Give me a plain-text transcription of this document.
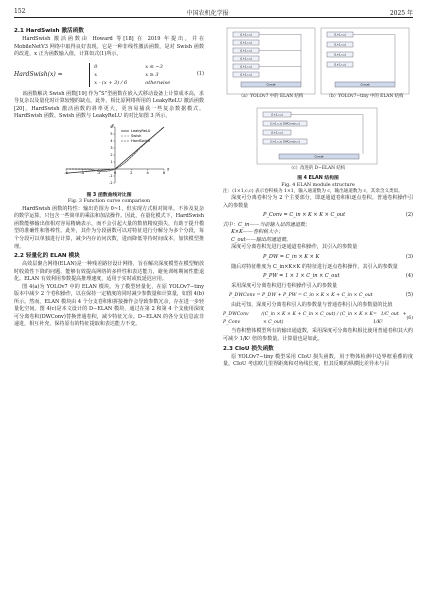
152	中国农机化学报	2025 年
2.1 HardSwish 激活函数
HardSwish 激活函数由 Howard 等[18] 在 2019 年提出，并在 MobileNetV3 网络中取得良好表现。它是一种非线性激活函数，是对 Swish 函数的改进，x 正为函数输入值，计算如式(1)所示。
HardSwish(x) =
0	x ≤ −3
x	x ≥ 3
x · (x + 3) / 6	otherwise
(1)
该函数解决 Swish 函数[19] 作为“S”型函数在嵌入式移动设备上计算成本高，求导复杂以及量化时计算较慢的缺点。此外，相比原网络所用的 LeakyReLU 激活函数[20]，HardSwish 激活函数的斜率更大，更容易捕获一些复杂数据模式。HardSwish 函数、Swish 函数与 LeakyReLU 的对比如图 3 所示。
-6	-4	-2	0	2	4	6
-2
-1
1
2
3
4
5
6
x
y
LeakyReLU
Swish
HardSwish
图 3 函数曲线对比图
Fig. 3 Function curve comparison
HardSwish 函数的特性：输出范围为 0~1，但实现方式相对简单，不涉及复杂的数学运算，只包含一些简单的乘法和加法操作。因此，在量化模式下，HardSwish 函数能够输出值相对容易精确表示，而不会引起大量的数值精度损失，有助于提升模型的准确性和鲁棒性。此外，其作为分段函数可以对特征进行分解分为多个分段，每个分段可以单独进行计算，减少内存访问次数，进而降低等待时间成本，加快模型推理。
2.2 轻量化的 ELAN 模块
高效层聚合网络(ELAN)是一种残差路径设计网络，旨在解决深度模型在模型缩放时收敛性下降的问题，能够有效提高网络的多样性和表达能力，避免训练期间性能退化。ELAN 有效利用参数提高推理速度，适用于实时或低延迟应用。
图 4(a)为 YOLOv7 中的 ELAN 模块。为了模型轻量化，在原 YOLOv7−tiny 版本中减少 2 个卷积操作，以在保持一定精度的同时减少参数量和计算量，如图 4(b)所示。然而，ELAN 模块由 4 个分支卷积和拼接操作会导致参数冗余，存在进一步轻量化空间。图 4(c)是本文设计的 D−ELAN 模块，通过在第 2 和第 4 个支使用深度可分离卷积(DWConv)替换普通卷积，减少特征冗余。D−ELAN 的各分支信息流非递进，相互补充，保持原有的特征提取和表达能力不变。
(1×1,c,c)
(1×1,c,c)
(1×1,c,c)
(1×1,c,c)
(1×1,c,c)
(1×1,c,c)
Concat
(1×1,c,c)
(1×1,c,c)
(1×1,c,c)
(1×1,c,c)
Concat
(1×1,c,c)
(1×1,c,c) DWConv(c,c)
(1×1,c,c)
(1×1,c,c) DWConv(c,c)
Concat
（a）YOLOv7 中的 ELAN 结构	（b）YOLOv7−tiny 中的 ELAN 结构
（c）改进的 D−ELAN 结构
图 4 ELAN 结构图
Fig. 4 ELAN module structure
注：(1×1,c,c) 表示卷积核为 1×1，输入通道数为 c，输出通道数为 c，其余含义类似。
深度可分离卷积分为 2 个主要部分，即逐通道卷积和逐点卷积。普通卷积操作引入的参数量
P_Conv = C_in × K × K × C_out	(2)
式中：C_in——当前输入层的通道数；
K×K——卷积核大小；
C_out——输出的通道数。
深度可分离卷积先进行逐通道卷积操作，其引入的参数量
P_DW = C_in × K × K	(3)
随后对特征维度为 C_in×K×K 的特征进行逐点卷积操作，其引入的参数量
P_PW = 1 × 1 × C_in × C_out	(4)
采用深度可分离卷积进行卷积操作引入的参数量
P_DWConv = P_DW + P_PW = C_in × K × K + C_in × C_out	(5)
由此可知，深度可分离卷积引入的参数量与普通卷积引入的参数量的比值
P_DWConv / P_Conv
(C_in × K × K + C_in × C_out) / (C_in × K × K × C_out)
= 1/C_out + 1/K²
(6)
当卷积整体模型所有的输出通道数，采用深度可分离卷积相比使用普通卷积其大约可减少 1/K² 倍的参数量，计算量也是如此。
2.3 CIoU 损失函数
原 YOLOv7−tiny 模型采用 CIoU 损失函数，用于物体检测中边界框重叠的度量。CIoU 考虑欧几里得距离和对角线长度，但其反映的纵横比差异未与目
